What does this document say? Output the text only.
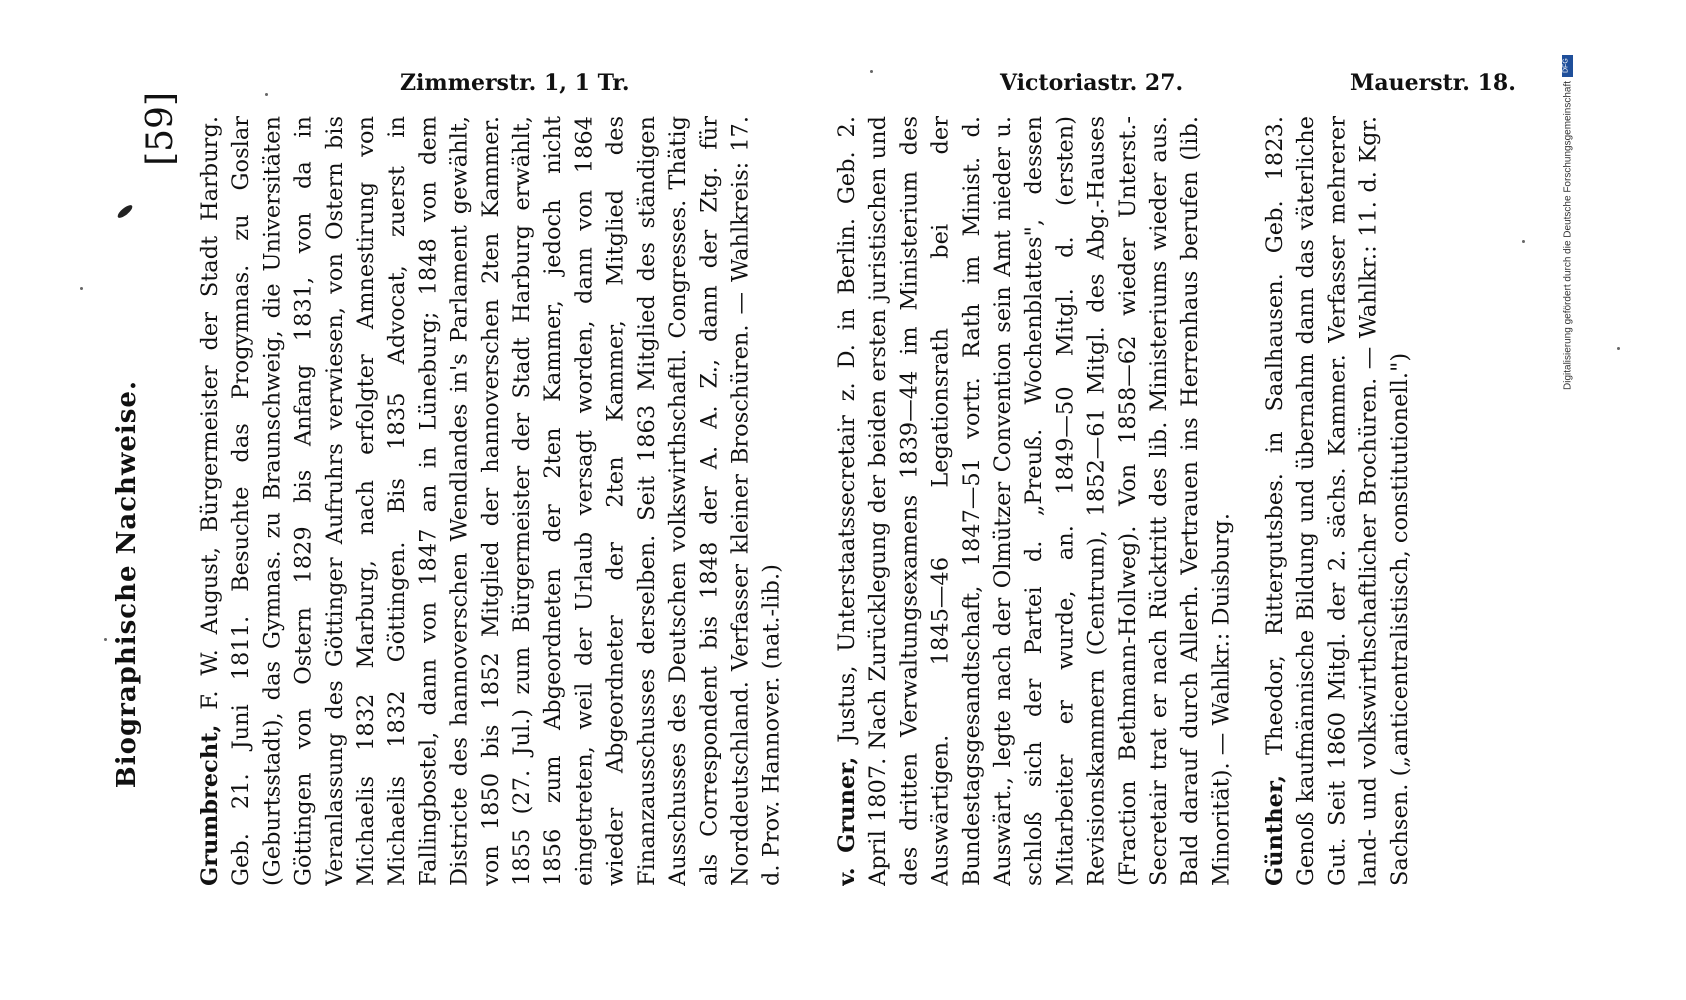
[59]
Biographische Nachweise.
Zimmerstr. 1, 1 Tr.	Victoriastr. 27.	Mauerstr. 18.
Grumbrecht, F. W. August, Bürgermeister der Stadt Harburg. Geb. 21. Juni 1811. Besuchte das Progymnas. zu Goslar (Geburtsstadt), das Gymnas. zu Braunschweig, die Universitäten Göttingen von Ostern 1829 bis Anfang 1831, von da in Veranlassung des Göttinger Aufruhrs verwiesen, von Ostern bis Michaelis 1832 Marburg, nach erfolgter Amnestirung von Michaelis 1832 Göttingen. Bis 1835 Advocat, zuerst in Fallingbostel, dann von 1847 an in Lüneburg; 1848 von dem Districte des hannoverschen Wendlandes in's Parlament gewählt, von 1850 bis 1852 Mitglied der hannoverschen 2ten Kammer. 1855 (27. Jul.) zum Bürgermeister der Stadt Harburg erwählt, 1856 zum Abgeordneten der 2ten Kammer, jedoch nicht eingetreten, weil der Urlaub versagt worden, dann von 1864 wieder Abgeordneter der 2ten Kammer, Mitglied des Finanzausschusses derselben. Seit 1863 Mitglied des ständigen Ausschusses des Deutschen volkswirthschaftl. Congresses. Thätig als Correspondent bis 1848 der A. A. Z., dann der Ztg. für Norddeutschland. Verfasser kleiner Broschüren. — Wahlkreis: 17. d. Prov. Hannover. (nat.-lib.) v. Gruner, Justus, Unterstaatssecretair z. D. in Berlin. Geb. 2. April 1807. Nach Zurücklegung der beiden ersten juristischen und des dritten Verwaltungsexamens 1839—44 im Ministerium des Auswärtigen. 1845—46 Legationsrath bei der Bundestagsgesandtschaft, 1847—51 vortr. Rath im Minist. d. Auswärt., legte nach der Olmützer Convention sein Amt nieder u. schloß sich der Partei d. „Preuß. Wochenblattes", dessen Mitarbeiter er wurde, an. 1849—50 Mitgl. d. (ersten) Revisionskammern (Centrum), 1852—61 Mitgl. des Abg.-Hauses (Fraction Bethmann-Hollweg). Von 1858—62 wieder Unterst.-Secretair trat er nach Rücktritt des lib. Ministeriums wieder aus. Bald darauf durch Allerh. Vertrauen ins Herrenhaus berufen (lib. Minorität). — Wahlkr.: Duisburg.	Günther, Theodor, Rittergutsbes. in Saalhausen. Geb. 1823. Genoß kaufmännische Bildung und übernahm dann das väterliche Gut. Seit 1860 Mitgl. der 2. sächs. Kammer. Verfasser mehrerer land- und volkswirthschaftlicher Brochüren. — Wahlkr.: 11. d. Kgr. Sachsen. („anticentralistisch, constitutionell.")
Digitalisierung gefördert durch die Deutsche Forschungsgemeinschaft
DFG
